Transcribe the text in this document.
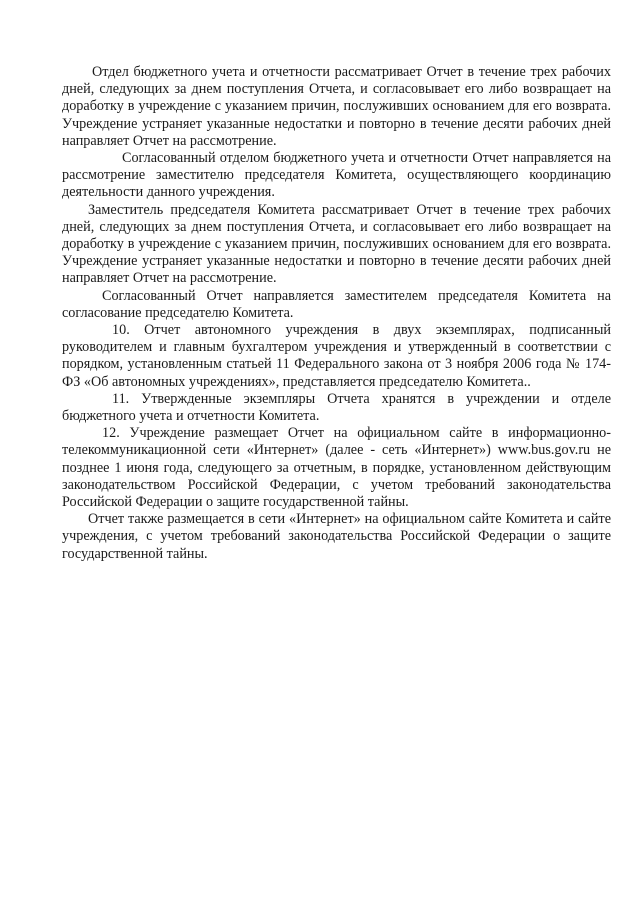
Отдел бюджетного учета и отчетности рассматривает Отчет в течение трех рабочих дней, следующих за днем поступления Отчета, и согласовывает его либо возвращает на доработку в учреждение с указанием причин, послуживших основанием для его возврата. Учреждение устраняет указанные недостатки и повторно в течение десяти рабочих дней направляет Отчет на рассмотрение.

Согласованный отделом бюджетного учета и отчетности Отчет направляется на рассмотрение заместителю председателя Комитета, осуществляющего координацию деятельности данного учреждения.

Заместитель председателя Комитета рассматривает Отчет в течение трех рабочих дней, следующих за днем поступления Отчета, и согласовывает его либо возвращает на доработку в учреждение с указанием причин, послуживших основанием для его возврата. Учреждение устраняет указанные недостатки и повторно в течение десяти рабочих дней направляет Отчет на рассмотрение.

Согласованный Отчет направляется заместителем председателя Комитета на согласование председателю Комитета.

10. Отчет автономного учреждения в двух экземплярах, подписанный руководителем и главным бухгалтером учреждения и утвержденный в соответствии с порядком, установленным статьей 11 Федерального закона от 3 ноября 2006 года № 174-ФЗ «Об автономных учреждениях», представляется председателю Комитета..

11. Утвержденные экземпляры Отчета хранятся в учреждении и отделе бюджетного учета и отчетности Комитета.

12. Учреждение размещает Отчет на официальном сайте в информационно-телекоммуникационной сети «Интернет» (далее - сеть «Интернет») www.bus.gov.ru не позднее 1 июня года, следующего за отчетным, в порядке, установленном действующим законодательством Российской Федерации, с учетом требований законодательства Российской Федерации о защите государственной тайны.

Отчет также размещается в сети «Интернет» на официальном сайте Комитета и сайте учреждения, с учетом требований законодательства Российской Федерации о защите государственной тайны.
